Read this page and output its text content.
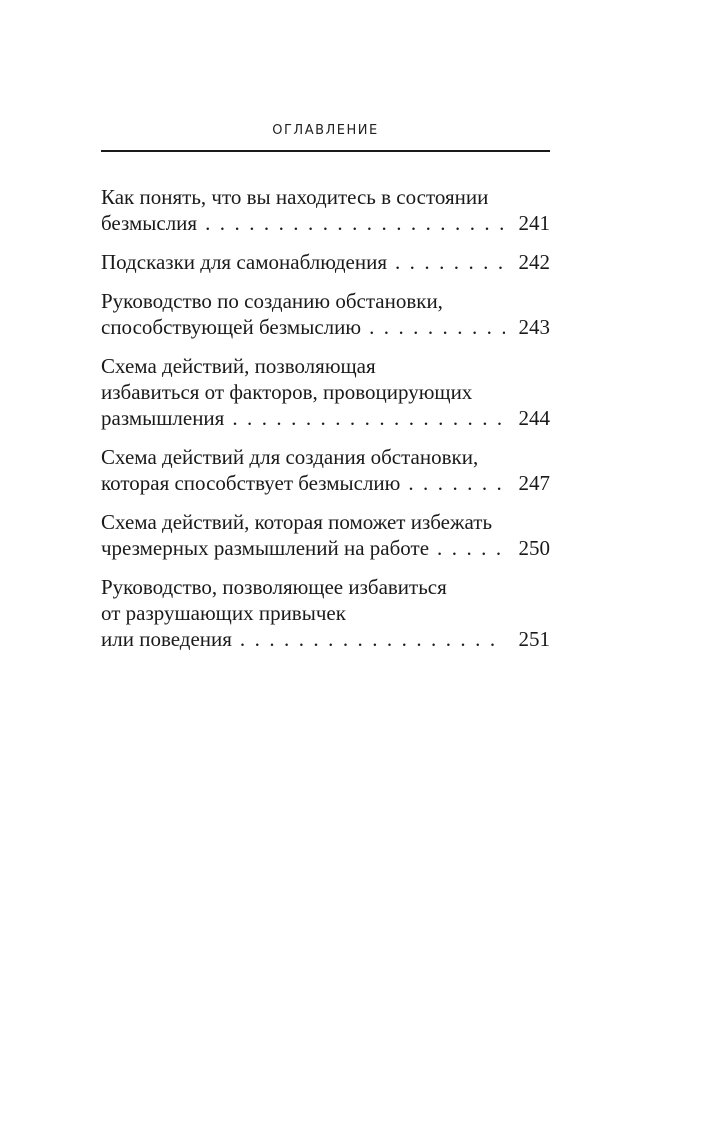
ОГЛАВЛЕНИЕ
Как понять, что вы находитесь в состоянии
безмыслия . . .	241
Подсказки для самонаблюдения . . .	242
Руководство по созданию обстановки,
способствующей безмыслию . . .	243
Схема действий, позволяющая
избавиться от факторов, провоцирующих
размышления . . .	244
Схема действий для создания обстановки,
которая способствует безмыслию . . .	247
Схема действий, которая поможет избежать
чрезмерных размышлений на работе . . .	250
Руководство, позволяющее избавиться
от разрушающих привычек
или поведения . . .	251
